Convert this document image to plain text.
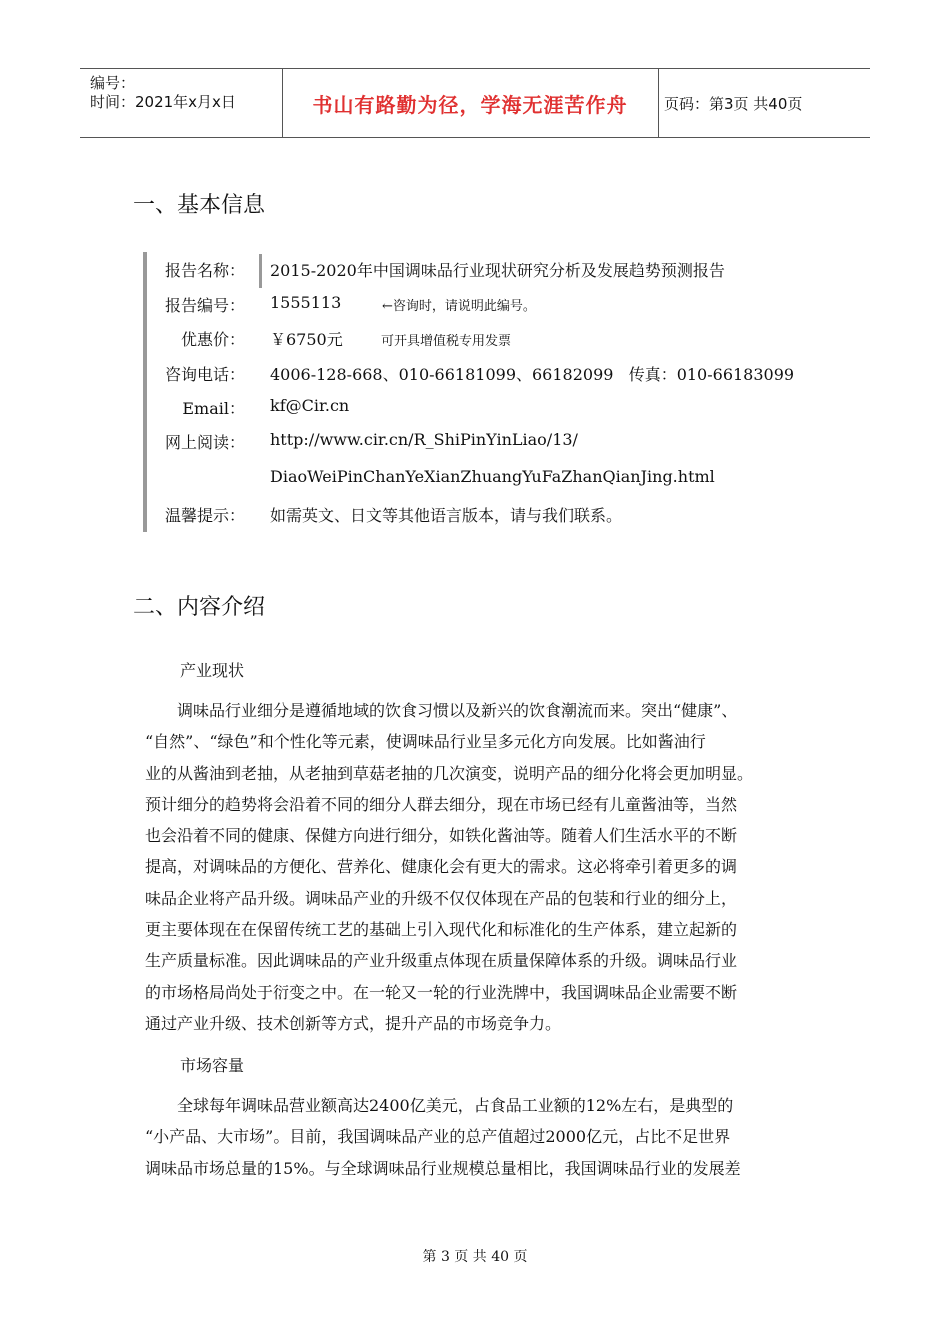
编号：
时间：2021年x月x日	书山有路勤为径，学海无涯苦作舟 页码：第3页 共40页
一、基本信息
报告名称： 2015-2020年中国调味品行业现状研究分析及发展趋势预测报告
报告编号： 1555113	←咨询时，请说明此编号。
优惠价： ￥6750元	可开具增值税专用发票
咨询电话： 4006-128-668、010-66181099、66182099   传真：010-66183099
Email： kf@Cir.cn
网上阅读： http://www.cir.cn/R_ShiPinYinLiao/13/
DiaoWeiPinChanYeXianZhuangYuFaZhanQianJing.html
温馨提示： 如需英文、日文等其他语言版本，请与我们联系。
二、内容介绍
产业现状

调味品行业细分是遵循地域的饮食习惯以及新兴的饮食潮流而来。突出“健康”、
“自然”、“绿色”和个性化等元素，使调味品行业呈多元化方向发展。比如酱油行
业的从酱油到老抽，从老抽到草菇老抽的几次演变，说明产品的细分化将会更加明显。
预计细分的趋势将会沿着不同的细分人群去细分，现在市场已经有儿童酱油等，当然
也会沿着不同的健康、保健方向进行细分，如铁化酱油等。随着人们生活水平的不断
提高，对调味品的方便化、营养化、健康化会有更大的需求。这必将牵引着更多的调
味品企业将产品升级。调味品产业的升级不仅仅体现在产品的包装和行业的细分上，
更主要体现在在保留传统工艺的基础上引入现代化和标准化的生产体系，建立起新的
生产质量标准。因此调味品的产业升级重点体现在质量保障体系的升级。调味品行业
的市场格局尚处于衍变之中。在一轮又一轮的行业洗牌中，我国调味品企业需要不断
通过产业升级、技术创新等方式，提升产品的市场竞争力。

市场容量

全球每年调味品营业额高达2400亿美元，占食品工业额的12%左右，是典型的
“小产品、大市场”。目前，我国调味品产业的总产值超过2000亿元，占比不足世界
调味品市场总量的15%。与全球调味品行业规模总量相比，我国调味品行业的发展差

第 3 页 共 40 页
